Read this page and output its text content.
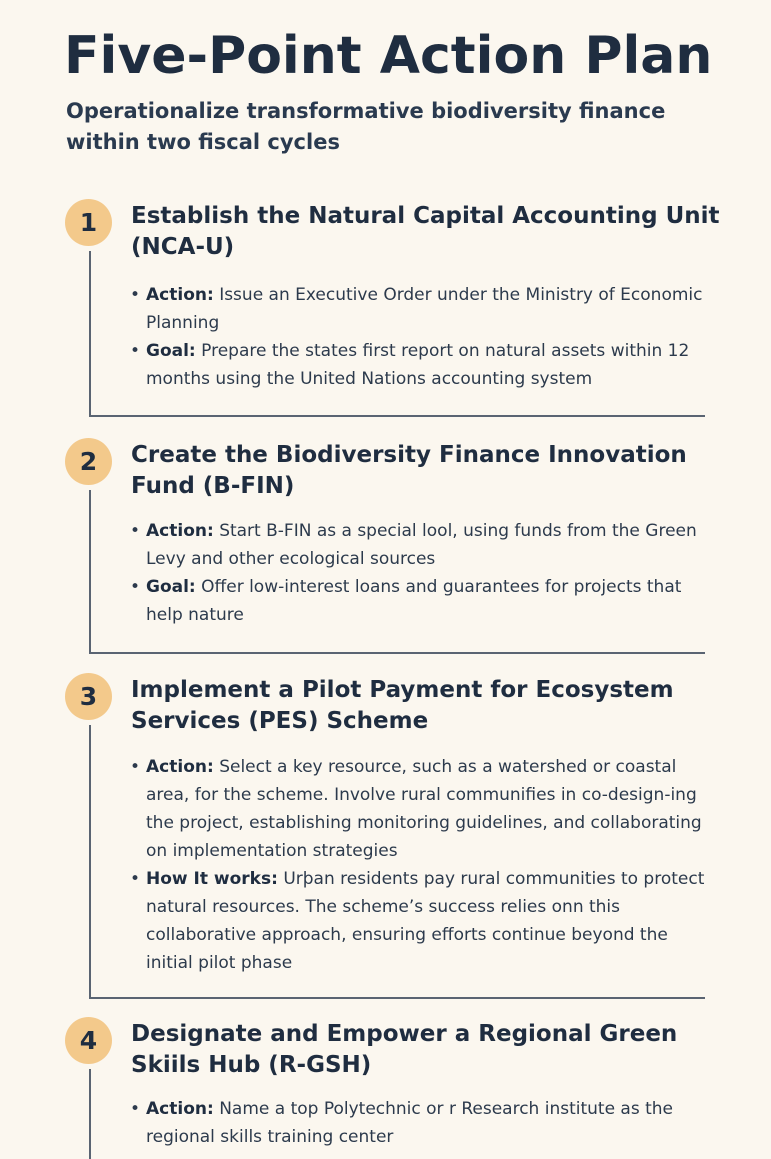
Five-Point Action Plan

Operationalize transformative biodiversity finance within two fiscal cycles

1	Establish the Natural Capital Accounting Unit (NCA-U)
• Action: Issue an Executive Order under the Ministry of Economic Planning
• Goal: Prepare the states first report on natural assets within 12 months using the United Nations accounting system
2	Create the Biodiversity Finance Innovation Fund (B-FIN)
• Action: Start B-FIN as a special lool, using funds from the Green Levy and other ecological sources
• Goal: Offer low-interest loans and guarantees for projects that help nature
3	Implement a Pilot Payment for Ecosystem Services (PES) Scheme
• Action: Select a key resource, such as a watershed or coastal area, for the scheme. Involve rural communifies in co-design-ing the project, establishing monitoring guidelines, and collaborating on implementation strategies
• How It works: Urþan residents pay rural communities to protect natural resources. The scheme’s success relies onn this collaborative approach, ensuring efforts continue beyond the initial pilot phase
4	Designate and Empower a Regional Green Skiils Hub (R-GSH)
• Action: Name a top Polytechnic or r Research institute as the regional skills training center
